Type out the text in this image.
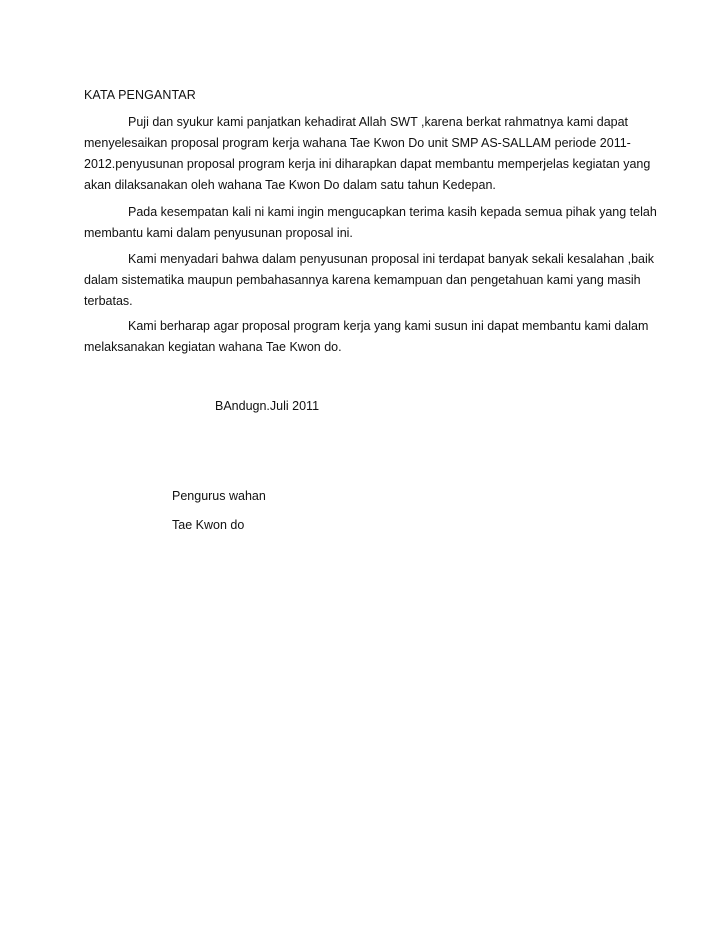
KATA PENGANTAR
Puji dan syukur kami panjatkan kehadirat Allah SWT ,karena berkat rahmatnya kami dapat
menyelesaikan proposal program kerja wahana Tae Kwon Do unit SMP AS-SALLAM periode 2011-
2012.penyusunan proposal program kerja ini diharapkan dapat membantu memperjelas kegiatan yang
akan dilaksanakan oleh wahana Tae Kwon Do dalam satu tahun Kedepan.
Pada kesempatan kali ni kami ingin mengucapkan terima kasih kepada semua pihak yang telah
membantu kami dalam penyusunan proposal ini.
Kami menyadari bahwa dalam penyusunan proposal ini terdapat banyak sekali kesalahan ,baik
dalam sistematika maupun pembahasannya karena kemampuan dan pengetahuan kami yang masih
terbatas.
Kami berharap agar proposal program kerja yang kami susun ini dapat membantu kami dalam
melaksanakan kegiatan wahana Tae Kwon do.
BAndugn.Juli 2011
Pengurus wahan
Tae Kwon do
